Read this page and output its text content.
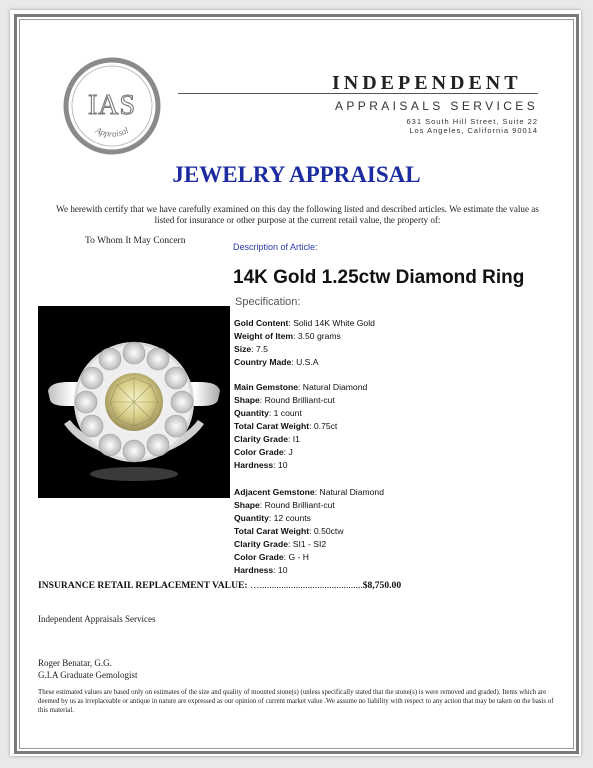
IAS
Appraisal
INDEPENDENT
APPRAISALS SERVICES
631 South Hill Street, Suite 22
Los Angeles, California 90014
JEWELRY APPRAISAL
We herewith certify that we have carefully examined on this day the following listed and described articles. We estimate the value as listed for insurance or other purpose at the current retail value, the property of:
To Whom It May Concern
Description of Article:
14K Gold 1.25ctw Diamond Ring
Specification:
Gold Content: Solid 14K White Gold
Weight of Item: 3.50 grams
Size: 7.5
Country Made: U.S.A
Main Gemstone: Natural Diamond
Shape: Round Brilliant-cut
Quantity: 1 count
Total Carat Weight: 0.75ct
Clarity Grade: I1
Color Grade: J
Hardness: 10
Adjacent Gemstone: Natural Diamond
Shape: Round Brilliant-cut
Quantity: 12 counts
Total Carat Weight: 0.50ctw
Clarity Grade: SI1 - SI2
Color Grade: G - H
Hardness: 10
INSURANCE RETAIL REPLACEMENT VALUE: …...........................................$8,750.00
Independent Appraisals Services
Roger Benatar, G.G.
G.I.A Graduate Gemologist
These estimated values are based only on estimates of the size and quality of mounted stone(s) (unless specifically stated that the stone(s) is were removed and graded). Items which are deemed by us as irreplaceable or antique in nature are expressed as our opinion of current market value .We assume no liability with respect to any action that may be taken on the basis of this material.
